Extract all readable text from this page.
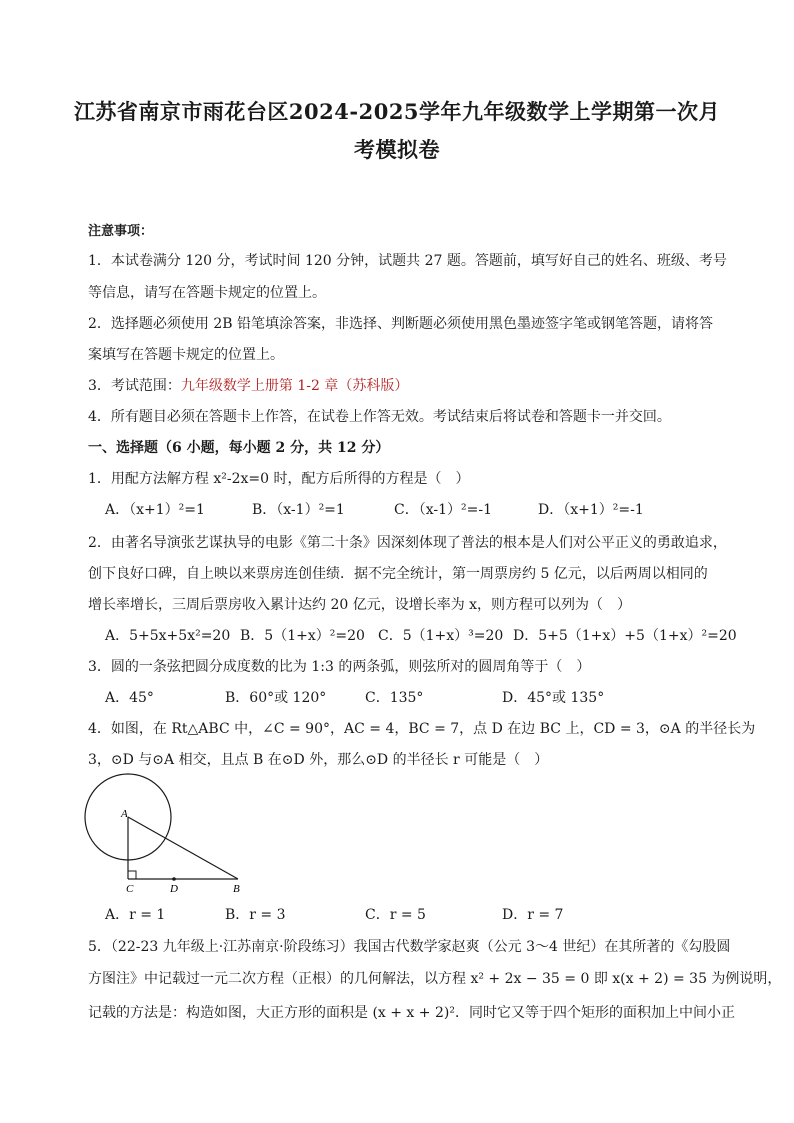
江苏省南京市雨花台区2024-2025学年九年级数学上学期第一次月
考模拟卷
注意事项：
1．本试卷满分 120 分，考试时间 120 分钟，试题共 27 题。答题前，填写好自己的姓名、班级、考号
等信息，请写在答题卡规定的位置上。
2．选择题必须使用 2B 铅笔填涂答案，非选择、判断题必须使用黑色墨迹签字笔或钢笔答题，请将答
案填写在答题卡规定的位置上。
3．考试范围：九年级数学上册第 1-2 章（苏科版）
4．所有题目必须在答题卡上作答，在试卷上作答无效。考试结束后将试卷和答题卡一并交回。
一、选择题（6 小题，每小题 2 分，共 12 分）
1．用配方法解方程 x²-2x=0 时，配方后所得的方程是（　）
A．（x+1）²=1	B．（x-1）²=1	C．（x-1）²=-1	D．（x+1）²=-1
2．由著名导演张艺谋执导的电影《第二十条》因深刻体现了普法的根本是人们对公平正义的勇敢追求，
创下良好口碑，自上映以来票房连创佳绩．据不完全统计，第一周票房约 5 亿元，以后两周以相同的
增长率增长，三周后票房收入累计达约 20 亿元，设增长率为 x，则方程可以列为（　）
A．5+5x+5x²=20 B．5（1+x）²=20 C．5（1+x）³=20 D．5+5（1+x）+5（1+x）²=20
3．圆的一条弦把圆分成度数的比为 1:3 的两条弧，则弦所对的圆周角等于（　）
A．45°	B．60°或 120°	C．135°	D．45°或 135°
4．如图，在 Rt△ABC 中，∠C = 90°，AC = 4，BC = 7，点 D 在边 BC 上，CD = 3，⊙A 的半径长为
3，⊙D 与⊙A 相交，且点 B 在⊙D 外，那么⊙D 的半径长 r 可能是（　）
A
C	D	B
A．r = 1	B．r = 3	C．r = 5	D．r = 7
5．（22-23 九年级上·江苏南京·阶段练习）我国古代数学家赵爽（公元 3～4 世纪）在其所著的《勾股圆
方图注》中记载过一元二次方程（正根）的几何解法，以方程 x² + 2x − 35 = 0 即 x(x + 2) = 35 为例说明，
记载的方法是：构造如图，大正方形的面积是 (x + x + 2)²．同时它又等于四个矩形的面积加上中间小正
